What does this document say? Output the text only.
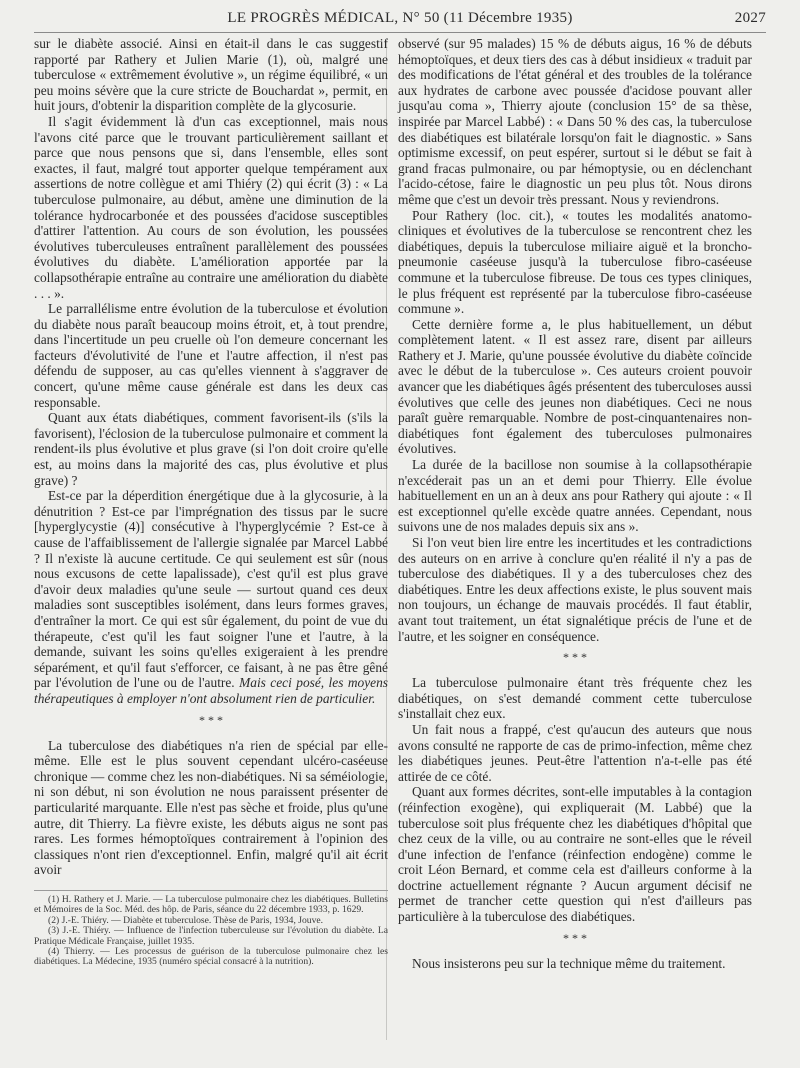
LE PROGRÈS MÉDICAL, N° 50 (11 Décembre 1935)	2027

sur le diabète associé. Ainsi en était-il dans le cas suggestif rapporté par Rathery et Julien Marie (1), où, malgré une tuberculose « extrêmement évolutive », un régime équilibré, « un peu moins sévère que la cure stricte de Bouchardat », permit, en huit jours, d'obtenir la disparition complète de la glycosurie.

Il s'agit évidemment là d'un cas exceptionnel, mais nous l'avons cité parce que le trouvant particulièrement saillant et parce que nous pensons que si, dans l'ensemble, elles sont exactes, il faut, malgré tout apporter quelque tempérament aux assertions de notre collègue et ami Thiéry (2) qui écrit (3) : « La tuberculose pulmonaire, au début, amène une diminution de la tolérance hydrocarbonée et des poussées d'acidose susceptibles d'attirer l'attention. Au cours de son évolution, les poussées évolutives tuberculeuses entraînent parallèlement des poussées évolutives du diabète. L'amélioration apportée par la collapsothérapie entraîne au contraire une amélioration du diabète . . . ».

Le parrallélisme entre évolution de la tuberculose et évolution du diabète nous paraît beaucoup moins étroit, et, à tout prendre, dans l'incertitude un peu cruelle où l'on demeure concernant les facteurs d'évolutivité de l'une et l'autre affection, il n'est pas défendu de supposer, au cas qu'elles viennent à s'aggraver de concert, qu'une même cause générale est dans les deux cas responsable.

Quant aux états diabétiques, comment favorisent-ils (s'ils la favorisent), l'éclosion de la tuberculose pulmonaire et comment la rendent-ils plus évolutive et plus grave (si l'on doit croire qu'elle est, au moins dans la majorité des cas, plus évolutive et plus grave) ?

Est-ce par la déperdition énergétique due à la glycosurie, à la dénutrition ? Est-ce par l'imprégnation des tissus par le sucre [hyperglycystie (4)] consécutive à l'hyperglycémie ? Est-ce à cause de l'affaiblissement de l'allergie signalée par Marcel Labbé ? Il n'existe là aucune certitude. Ce qui seulement est sûr (nous nous excusons de cette lapalissade), c'est qu'il est plus grave d'avoir deux maladies qu'une seule — surtout quand ces deux maladies sont susceptibles isolément, dans leurs formes graves, d'entraîner la mort. Ce qui est sûr également, du point de vue du thérapeute, c'est qu'il les faut soigner l'une et l'autre, à la demande, suivant les soins qu'elles exigeraient à les prendre séparément, et qu'il faut s'efforcer, ce faisant, à ne pas être gêné par l'évolution de l'une ou de l'autre. Mais ceci posé, les moyens thérapeutiques à employer n'ont absolument rien de particulier.

* * *

La tuberculose des diabétiques n'a rien de spécial par elle-même. Elle est le plus souvent cependant ulcéro-caséeuse chronique — comme chez les non-diabétiques. Ni sa séméiologie, ni son début, ni son évolution ne nous paraissent présenter de particularité marquante. Elle n'est pas sèche et froide, plus qu'une autre, dit Thierry. La fièvre existe, les débuts aigus ne sont pas rares. Les formes hémoptoïques contrairement à l'opinion des classiques n'ont rien d'exceptionnel. Enfin, malgré qu'il ait écrit avoir

(1) H. Rathery et J. Marie. — La tuberculose pulmonaire chez les diabétiques. Bulletins et Mémoires de la Soc. Méd. des hôp. de Paris, séance du 22 décembre 1933, p. 1629.

(2) J.-E. Thiéry. — Diabète et tuberculose. Thèse de Paris, 1934, Jouve.

(3) J.-E. Thiéry. — Influence de l'infection tuberculeuse sur l'évolution du diabète. La Pratique Médicale Française, juillet 1935.

(4) Thierry. — Les processus de guérison de la tuberculose pulmonaire chez les diabétiques. La Médecine, 1935 (numéro spécial consacré à la nutrition).

observé (sur 95 malades) 15 % de débuts aigus, 16 % de débuts hémoptoïques, et deux tiers des cas à début insidieux « traduit par des modifications de l'état général et des troubles de la tolérance aux hydrates de carbone avec poussée d'acidose pouvant aller jusqu'au coma », Thierry ajoute (conclusion 15° de sa thèse, inspirée par Marcel Labbé) : « Dans 50 % des cas, la tuberculose des diabétiques est bilatérale lorsqu'on fait le diagnostic. » Sans optimisme excessif, on peut espérer, surtout si le début se fait à grand fracas pulmonaire, ou par hémoptysie, ou en déclenchant l'acido-cétose, faire le diagnostic un peu plus tôt. Nous dirons même que c'est un devoir très pressant. Nous y reviendrons.

Pour Rathery (loc. cit.), « toutes les modalités anatomo-cliniques et évolutives de la tuberculose se rencontrent chez les diabétiques, depuis la tuberculose miliaire aiguë et la broncho-pneumonie caséeuse jusqu'à la tuberculose fibro-caséeuse commune et la tuberculose fibreuse. De tous ces types cliniques, le plus fréquent est représenté par la tuberculose fibro-caséeuse commune ».

Cette dernière forme a, le plus habituellement, un début complètement latent. « Il est assez rare, disent par ailleurs Rathery et J. Marie, qu'une poussée évolutive du diabète coïncide avec le début de la tuberculose ». Ces auteurs croient pouvoir avancer que les diabétiques âgés présentent des tuberculoses aussi évolutives que celle des jeunes non diabétiques. Ceci ne nous paraît guère remarquable. Nombre de post-cinquantenaires non-diabétiques font également des tuberculoses pulmonaires évolutives.

La durée de la bacillose non soumise à la collapsothérapie n'excéderait pas un an et demi pour Thierry. Elle évolue habituellement en un an à deux ans pour Rathery qui ajoute : « Il est exceptionnel qu'elle excède quatre années. Cependant, nous suivons une de nos malades depuis six ans ».

Si l'on veut bien lire entre les incertitudes et les contradictions des auteurs on en arrive à conclure qu'en réalité il n'y a pas de tuberculose des diabétiques. Il y a des tuberculoses chez des diabétiques. Entre les deux affections existe, le plus souvent mais non toujours, un échange de mauvais procédés. Il faut établir, avant tout traitement, un état signalétique précis de l'une et de l'autre, et les soigner en conséquence.

* * *

La tuberculose pulmonaire étant très fréquente chez les diabétiques, on s'est demandé comment cette tuberculose s'installait chez eux.

Un fait nous a frappé, c'est qu'aucun des auteurs que nous avons consulté ne rapporte de cas de primo-infection, même chez les diabétiques jeunes. Peut-être l'attention n'a-t-elle pas été attirée de ce côté.

Quant aux formes décrites, sont-elle imputables à la contagion (réinfection exogène), qui expliquerait (M. Labbé) que la tuberculose soit plus fréquente chez les diabétiques d'hôpital que chez ceux de la ville, ou au contraire ne sont-elles que le réveil d'une infection de l'enfance (réinfection endogène) comme le croit Léon Bernard, et comme cela est d'ailleurs conforme à la doctrine actuellement régnante ? Aucun argument décisif ne permet de trancher cette question qui n'est d'ailleurs pas particulière à la tuberculose des diabétiques.

* * *

Nous insisterons peu sur la technique même du traitement.
